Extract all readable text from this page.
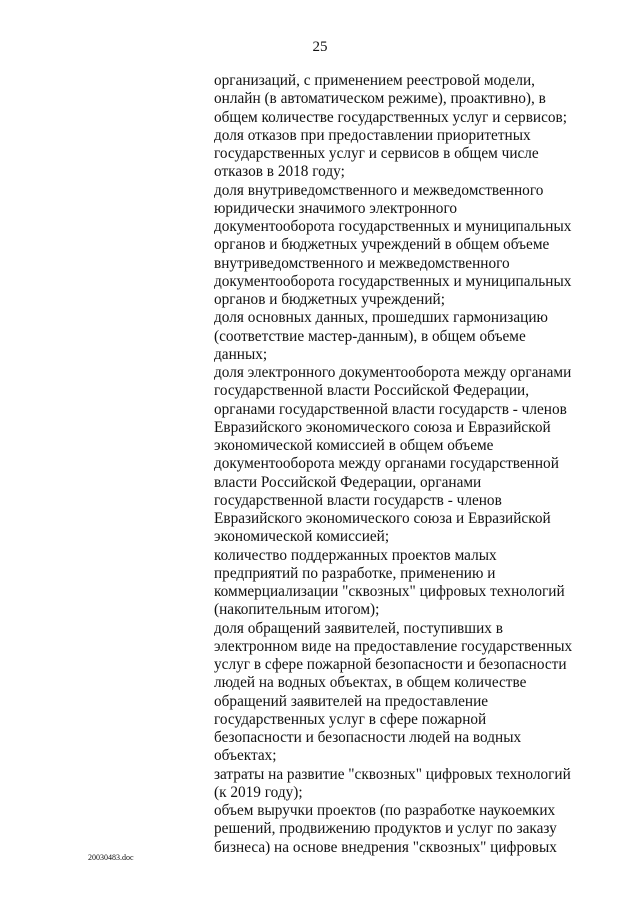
25
организаций, с применением реестровой модели,
онлайн (в автоматическом режиме), проактивно), в
общем количестве государственных услуг и сервисов;
доля отказов при предоставлении приоритетных
государственных услуг и сервисов в общем числе
отказов в 2018 году;
доля внутриведомственного и межведомственного
юридически значимого электронного
документооборота государственных и муниципальных
органов и бюджетных учреждений в общем объеме
внутриведомственного и межведомственного
документооборота государственных и муниципальных
органов и бюджетных учреждений;
доля основных данных, прошедших гармонизацию
(соответствие мастер-данным), в общем объеме
данных;
доля электронного документооборота между органами
государственной власти Российской Федерации,
органами государственной власти государств - членов
Евразийского экономического союза и Евразийской
экономической комиссией в общем объеме
документооборота между органами государственной
власти Российской Федерации, органами
государственной власти государств - членов
Евразийского экономического союза и Евразийской
экономической комиссией;
количество поддержанных проектов малых
предприятий по разработке, применению и
коммерциализации "сквозных" цифровых технологий
(накопительным итогом);
доля обращений заявителей, поступивших в
электронном виде на предоставление государственных
услуг в сфере пожарной безопасности и безопасности
людей на водных объектах, в общем количестве
обращений заявителей на предоставление
государственных услуг в сфере пожарной
безопасности и безопасности людей на водных
объектах;
затраты на развитие "сквозных" цифровых технологий
(к 2019 году);
объем выручки проектов (по разработке наукоемких
решений, продвижению продуктов и услуг по заказу
бизнеса) на основе внедрения "сквозных" цифровых
20030483.doc
